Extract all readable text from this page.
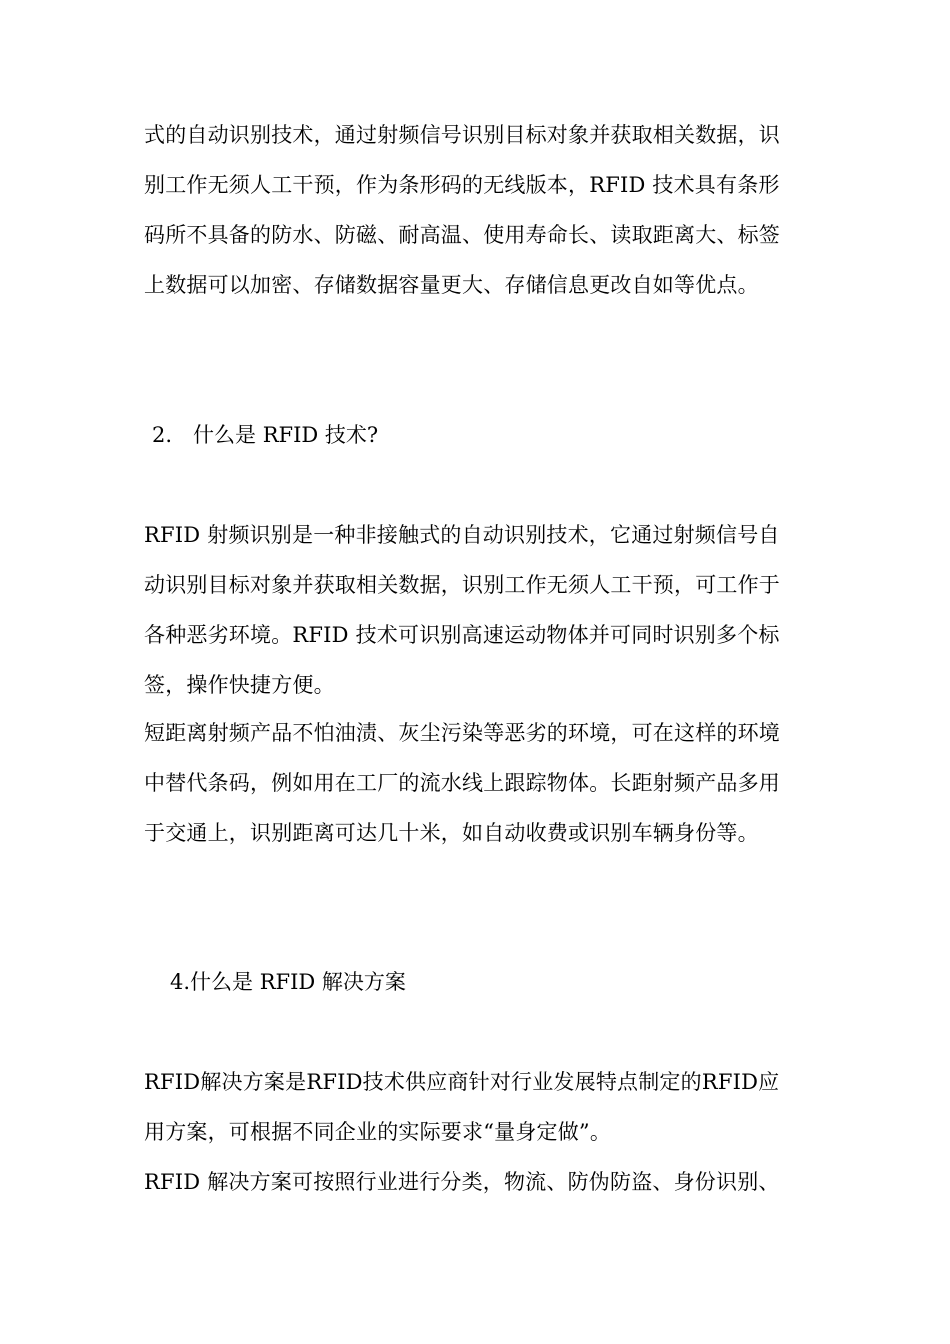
式的自动识别技术，通过射频信号识别目标对象并获取相关数据，识
别工作无须人工干预，作为条形码的无线版本，RFID 技术具有条形
码所不具备的防水、防磁、耐高温、使用寿命长、读取距离大、标签
上数据可以加密、存储数据容量更大、存储信息更改自如等优点。
2.　什么是 RFID 技术?
RFID 射频识别是一种非接触式的自动识别技术，它通过射频信号自
动识别目标对象并获取相关数据，识别工作无须人工干预，可工作于
各种恶劣环境。RFID 技术可识别高速运动物体并可同时识别多个标
签，操作快捷方便。
短距离射频产品不怕油渍、灰尘污染等恶劣的环境，可在这样的环境
中替代条码，例如用在工厂的流水线上跟踪物体。长距射频产品多用
于交通上，识别距离可达几十米，如自动收费或识别车辆身份等。
4.什么是 RFID 解决方案
RFID解决方案是RFID技术供应商针对行业发展特点制定的RFID应
用方案，可根据不同企业的实际要求“量身定做”。
RFID 解决方案可按照行业进行分类，物流、防伪防盗、身份识别、
